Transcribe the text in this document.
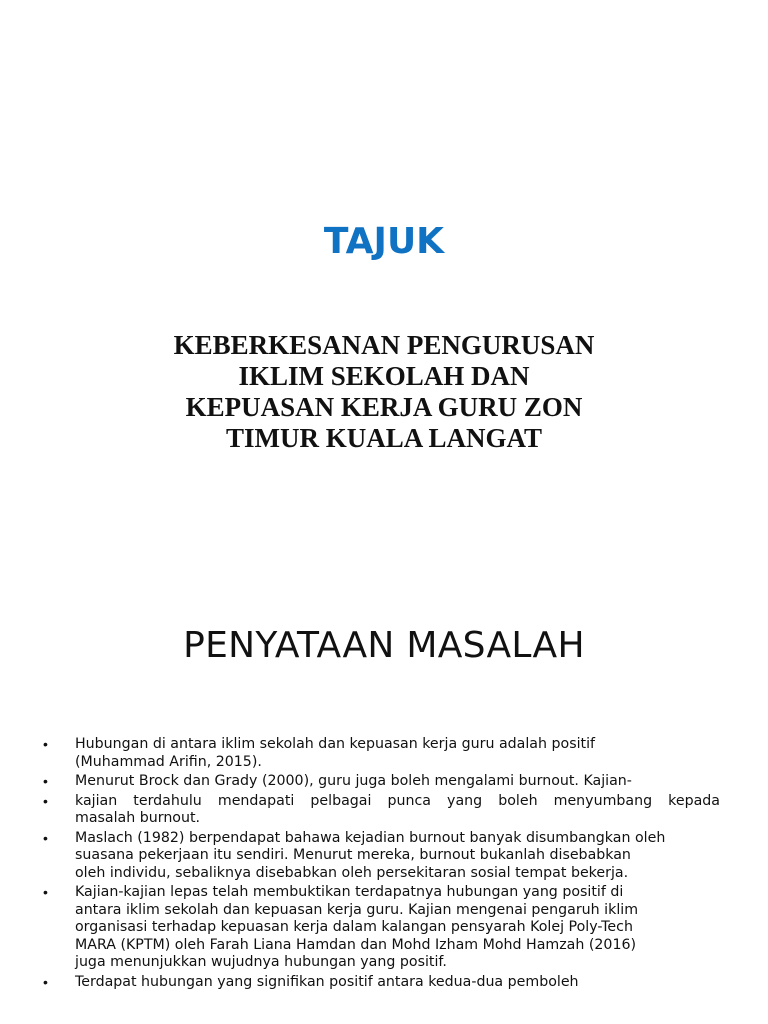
TAJUK
KEBERKESANAN PENGURUSAN
IKLIM SEKOLAH DAN
KEPUASAN KERJA GURU ZON
TIMUR KUALA LANGAT
PENYATAAN MASALAH
• Hubungan di antara iklim sekolah dan kepuasan kerja guru adalah positif
(Muhammad Arifin, 2015).
• Menurut Brock dan Grady (2000), guru juga boleh mengalami burnout. Kajian-
• kajian terdahulu mendapati pelbagai punca yang boleh menyumbang kepada
masalah burnout.
• Maslach (1982) berpendapat bahawa kejadian burnout banyak disumbangkan oleh
suasana pekerjaan itu sendiri. Menurut mereka, burnout bukanlah disebabkan
oleh individu, sebaliknya disebabkan oleh persekitaran sosial tempat bekerja.
• Kajian-kajian lepas telah membuktikan terdapatnya hubungan yang positif di
antara iklim sekolah dan kepuasan kerja guru. Kajian mengenai pengaruh iklim
organisasi terhadap kepuasan kerja dalam kalangan pensyarah Kolej Poly-Tech
MARA (KPTM) oleh Farah Liana Hamdan dan Mohd Izham Mohd Hamzah (2016)
juga menunjukkan wujudnya hubungan yang positif.
• Terdapat hubungan yang signifikan positif antara kedua-dua pemboleh
